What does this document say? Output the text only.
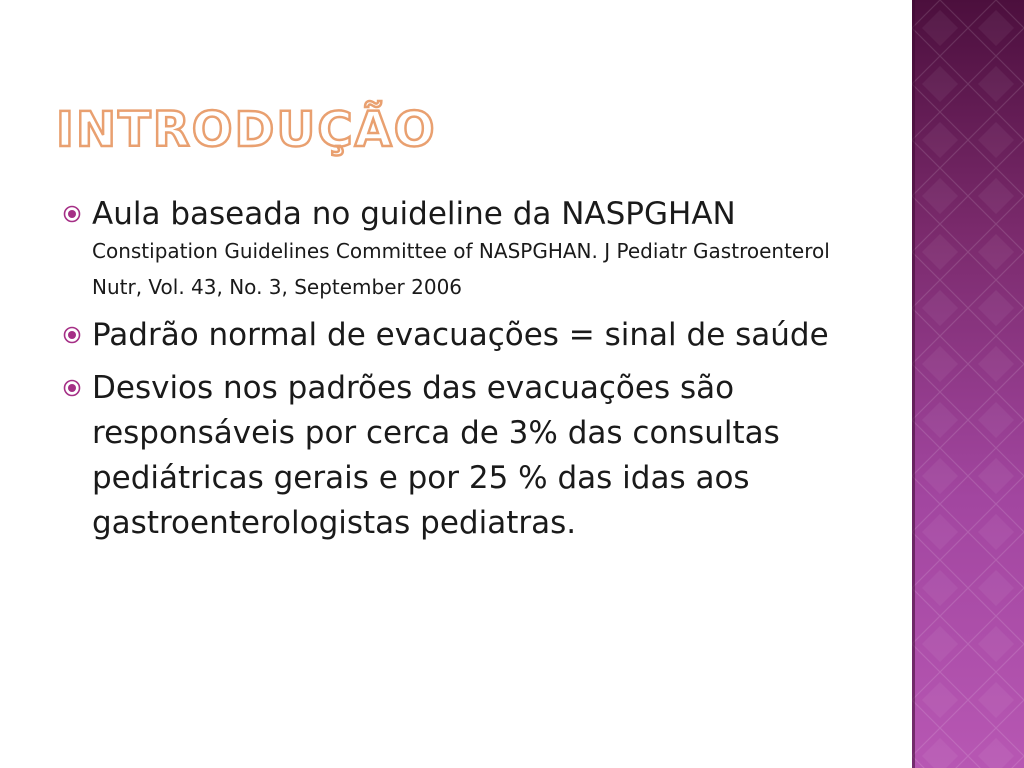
INTRODUÇÃO
Aula baseada no guideline da NASPGHAN
Constipation Guidelines Committee of NASPGHAN. J Pediatr Gastroenterol Nutr, Vol. 43, No. 3, September 2006
Padrão normal de evacuações = sinal de saúde
Desvios nos padrões das evacuações são responsáveis por cerca de 3% das consultas pediátricas gerais e por 25 % das idas aos gastroenterologistas pediatras.
